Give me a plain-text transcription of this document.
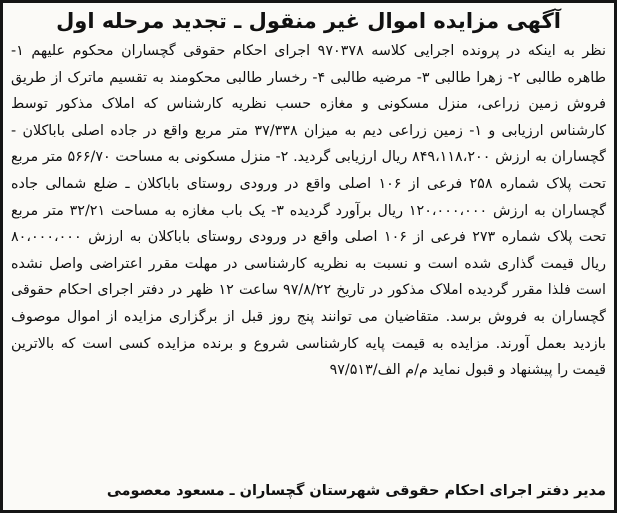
آگهی مزایده اموال غیر منقول ـ تجدید مرحله اول

نظر به اینکه در پرونده اجرایی کلاسه ۹۷۰۳۷۸ اجرای احکام حقوقی گچساران محکوم علیهم ۱- طاهره طالبی ۲- زهرا طالبی ۳- مرضیه طالبی ۴- رخسار طالبی محکومند به تقسیم ماترک از طریق فروش زمین زراعی، منزل مسکونی و مغازه حسب نظریه کارشناس که املاک مذکور توسط کارشناس ارزیابی و ۱- زمین زراعی دیم به میزان ۳۷/۳۳۸ متر مربع واقع در جاده اصلی باباکلان - گچساران به ارزش ۸۴۹،۱۱۸،۲۰۰ ریال ارزیابی گردید. ۲- منزل مسکونی به مساحت ۵۶۶/۷۰ متر مربع تحت پلاک شماره ۲۵۸ فرعی از ۱۰۶ اصلی واقع در ورودی روستای باباکلان ـ ضلع شمالی جاده گچساران به ارزش ۱۲۰،۰۰۰،۰۰۰ ریال برآورد گردیده ۳- یک باب مغازه به مساحت ۳۲/۲۱ متر مربع تحت پلاک شماره ۲۷۳ فرعی از ۱۰۶ اصلی واقع در ورودی روستای باباکلان به ارزش ۸۰،۰۰۰،۰۰۰ ریال قیمت گذاری شده است و نسبت به نظریه کارشناسی در مهلت مقرر اعتراضی واصل نشده است فلذا مقرر گردیده املاک مذکور در تاریخ ۹۷/۸/۲۲ ساعت ۱۲ ظهر در دفتر اجرای احکام حقوقی گچساران به فروش برسد. متقاضیان می توانند پنج روز قبل از برگزاری مزایده از اموال موصوف بازدید بعمل آورند. مزایده به قیمت پایه کارشناسی شروع و برنده مزایده کسی است که بالاترین قیمت را پیشنهاد و قبول نماید م/م الف/۹۷/۵۱۳

مدیر دفتر اجرای احکام حقوقی شهرستان گچساران ـ مسعود معصومی
